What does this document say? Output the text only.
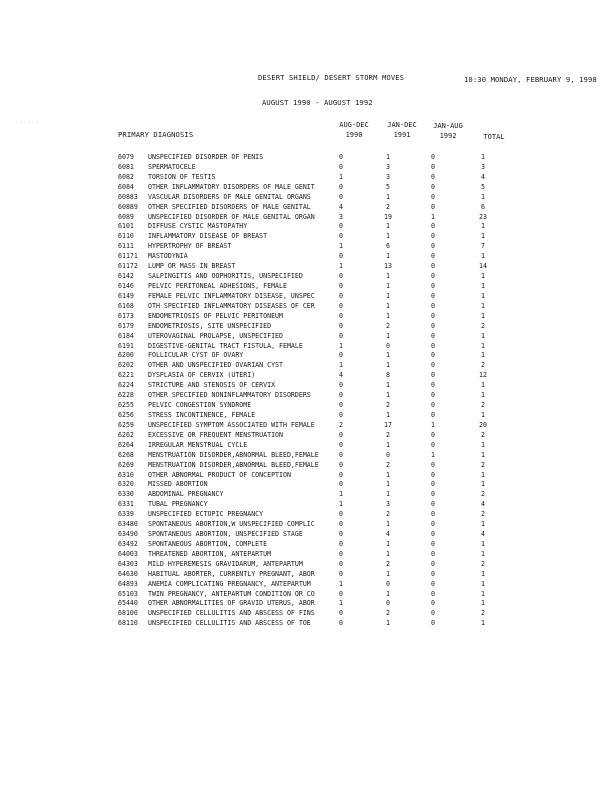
· · ·
DESERT SHIELD/ DESERT STORM MOVES	10:30 MONDAY, FEBRUARY 9, 1998
AUGUST 1990 - AUGUST 1992
PRIMARY DIAGNOSIS
AUG-DEC
1990
JAN-DEC
1991
JAN-AUG
1992	TOTAL
6079 UNSPECIFIED DISORDER OF PENIS	0	1	0	1
6081 SPERMATOCELE	0	3	0	3
6082 TORSION OF TESTIS	1	3	0	4
6084 OTHER INFLAMMATORY DISORDERS OF MALE GENIT	0	5	0	5
60883 VASCULAR DISORDERS OF MALE GENITAL ORGANS	0	1	0	1
60889 OTHER SPECIFIED DISORDERS OF MALE GENITAL	4	2	0	6
6089 UNSPECIFIED DISORDER OF MALE GENITAL ORGAN	3	19	1	23
6101 DIFFUSE CYSTIC MASTOPATHY	0	1	0	1
6110 INFLAMMATORY DISEASE OF BREAST	0	1	0	1
6111 HYPERTROPHY OF BREAST	1	6	0	7
61171 MASTODYNIA	0	1	0	1
61172 LUMP OR MASS IN BREAST	1	13	0	14
6142 SALPINGITIS AND OOPHORITIS, UNSPECIFIED	0	1	0	1
6146 PELVIC PERITONEAL ADHESIONS, FEMALE	0	1	0	1
6149 FEMALE PELVIC INFLAMMATORY DISEASE, UNSPEC	0	1	0	1
6168 OTH SPECIFIED INFLAMMATORY DISEASES OF CER	0	1	0	1
6173 ENDOMETRIOSIS OF PELVIC PERITONEUM	0	1	0	1
6179 ENDOMETRIOSIS, SITE UNSPECIFIED	0	2	0	2
6184 UTEROVAGINAL PROLAPSE, UNSPECIFIED	0	1	0	1
6191 DIGESTIVE-GENITAL TRACT FISTULA, FEMALE	1	0	0	1
6200 FOLLICULAR CYST OF OVARY	0	1	0	1
6202 OTHER AND UNSPECIFIED OVARIAN CYST	1	1	0	2
6221 DYSPLASIA OF CERVIX (UTERI)	4	8	0	12
6224 STRICTURE AND STENOSIS OF CERVIX	0	1	0	1
6228 OTHER SPECIFIED NONINFLAMMATORY DISORDERS	0	1	0	1
6255 PELVIC CONGESTION SYNDROME	0	2	0	2
6256 STRESS INCONTINENCE, FEMALE	0	1	0	1
6259 UNSPECIFIED SYMPTOM ASSOCIATED WITH FEMALE	2	17	1	20
6262 EXCESSIVE OR FREQUENT MENSTRUATION	0	2	0	2
6264 IRREGULAR MENSTRUAL CYCLE	0	1	0	1
6268 MENSTRUATION DISORDER,ABNORMAL BLEED,FEMALE	0	0	1	1
6269 MENSTRUATION DISORDER,ABNORMAL BLEED,FEMALE	0	2	0	2
6310 OTHER ABNORMAL PRODUCT OF CONCEPTION	0	1	0	1
6320 MISSED ABORTION	0	1	0	1
6330 ABDOMINAL PREGNANCY	1	1	0	2
6331 TUBAL PREGNANCY	1	3	0	4
6339 UNSPECIFIED ECTOPIC PREGNANCY	0	2	0	2
63480 SPONTANEOUS ABORTION,W UNSPECIFIED COMPLIC	0	1	0	1
63490 SPONTANEOUS ABORTION, UNSPECIFIED STAGE	0	4	0	4
63492 SPONTANEOUS ABORTION, COMPLETE	0	1	0	1
64003 THREATENED ABORTION, ANTEPARTUM	0	1	0	1
64303 MILD HYPEREMESIS GRAVIDARUM, ANTEPARTUM	0	2	0	2
64630 HABITUAL ABORTER, CURRENTLY PREGNANT, ABOR	0	1	0	1
64893 ANEMIA COMPLICATING PREGNANCY, ANTEPARTUM	1	0	0	1
65103 TWIN PREGNANCY, ANTEPARTUM CONDITION OR CO	0	1	0	1
65440 OTHER ABNORMALITIES OF GRAVID UTERUS, ABOR	1	0	0	1
68100 UNSPECIFIED CELLULITIS AND ABSCESS OF FINS	0	2	0	2
68110 UNSPECIFIED CELLULITIS AND ABSCESS OF TOE	0	1	0	1
